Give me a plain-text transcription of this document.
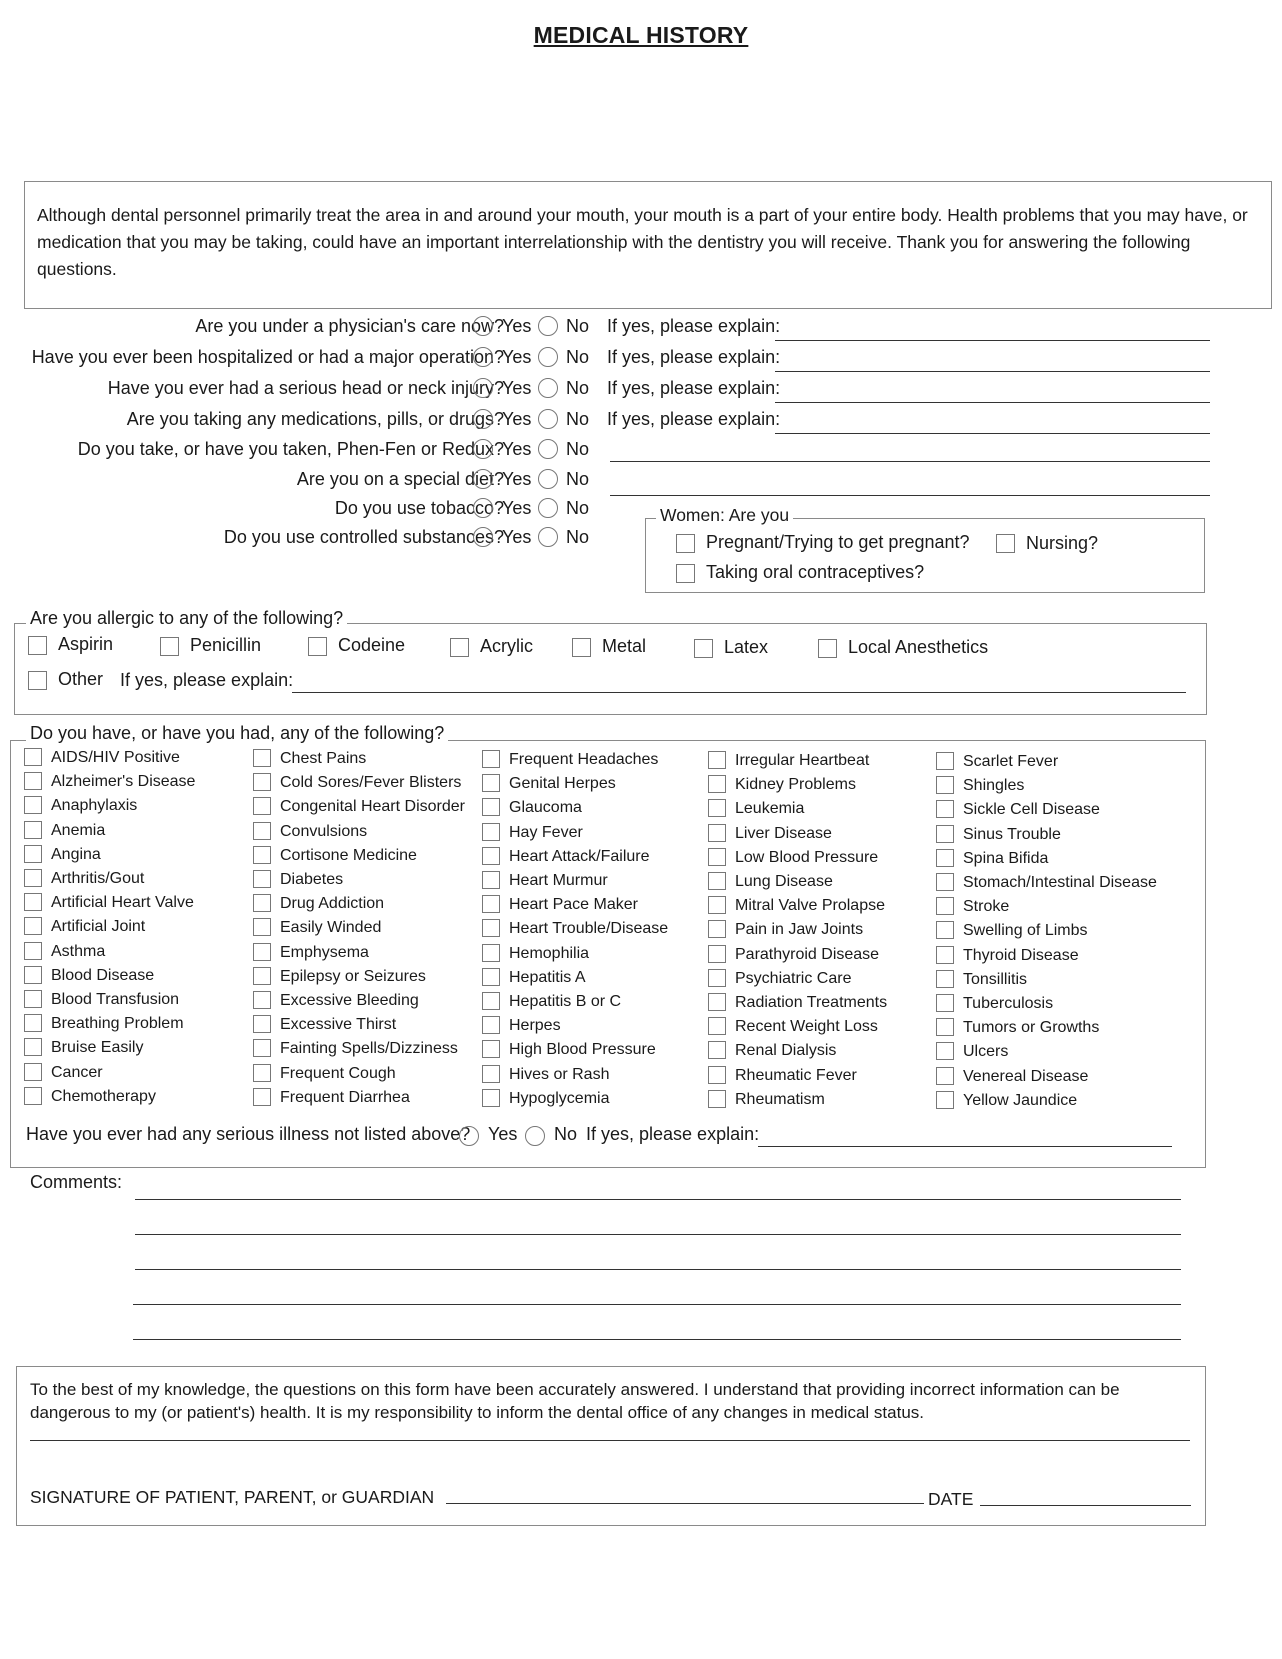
MEDICAL HISTORY
Although dental personnel primarily treat the area in and around your mouth, your mouth is a part of your entire body. Health problems that you may have, or medication that you may be taking, could have an important interrelationship with the dentistry you will receive. Thank you for answering the following questions.
Are you under a physician's care now?
Yes No If yes, please explain:
Have you ever been hospitalized or had a major operation?
Yes No If yes, please explain:
Have you ever had a serious head or neck injury?
Yes No If yes, please explain:
Are you taking any medications, pills, or drugs?
Yes No If yes, please explain:
Do you take, or have you taken, Phen-Fen or Redux?
Yes No
Are you on a special diet?
Yes No
Do you use tobacco?
Yes No
Do you use controlled substances?
Yes No
Women: Are you
Pregnant/Trying to get pregnant?	Nursing?
Taking oral contraceptives?
Are you allergic to any of the following?
Aspirin	Penicillin	Codeine	Acrylic	Metal	Latex	Local Anesthetics
Other If yes, please explain:
Do you have, or have you had, any of the following?
AIDS/HIV Positive
Alzheimer's Disease
Anaphylaxis
Anemia
Angina
Arthritis/Gout
Artificial Heart Valve
Artificial Joint
Asthma
Blood Disease
Blood Transfusion
Breathing Problem
Bruise Easily
Cancer
Chemotherapy
Chest Pains
Cold Sores/Fever Blisters
Congenital Heart Disorder
Convulsions
Cortisone Medicine
Diabetes
Drug Addiction
Easily Winded
Emphysema
Epilepsy or Seizures
Excessive Bleeding
Excessive Thirst
Fainting Spells/Dizziness
Frequent Cough
Frequent Diarrhea
Frequent Headaches
Genital Herpes
Glaucoma
Hay Fever
Heart Attack/Failure
Heart Murmur
Heart Pace Maker
Heart Trouble/Disease
Hemophilia
Hepatitis A
Hepatitis B or C
Herpes
High Blood Pressure
Hives or Rash
Hypoglycemia
Irregular Heartbeat
Kidney Problems
Leukemia
Liver Disease
Low Blood Pressure
Lung Disease
Mitral Valve Prolapse
Pain in Jaw Joints
Parathyroid Disease
Psychiatric Care
Radiation Treatments
Recent Weight Loss
Renal Dialysis
Rheumatic Fever
Rheumatism
Scarlet Fever
Shingles
Sickle Cell Disease
Sinus Trouble
Spina Bifida
Stomach/Intestinal Disease
Stroke
Swelling of Limbs
Thyroid Disease
Tonsillitis
Tuberculosis
Tumors or Growths
Ulcers
Venereal Disease
Yellow Jaundice
Have you ever had any serious illness not listed above? Yes No If yes, please explain:
Comments:
To the best of my knowledge, the questions on this form have been accurately answered. I understand that providing incorrect information can be dangerous to my (or patient's) health. It is my responsibility to inform the dental office of any changes in medical status.
SIGNATURE OF PATIENT, PARENT, or GUARDIAN	DATE
